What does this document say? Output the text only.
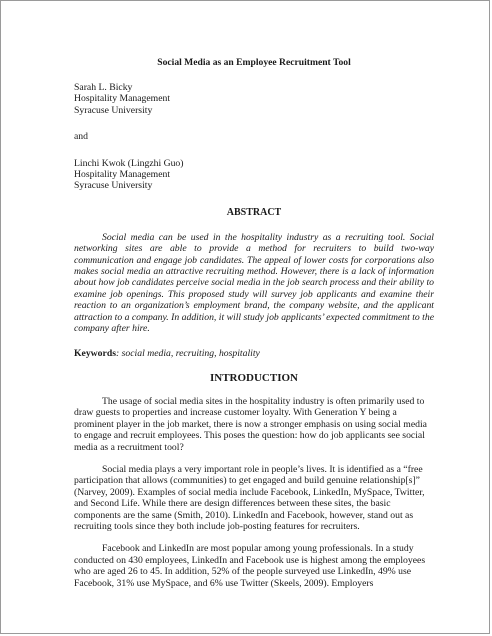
Social Media as an Employee Recruitment Tool
Sarah L. Bicky
Hospitality Management
Syracuse University
and
Linchi Kwok (Lingzhi Guo)
Hospitality Management
Syracuse University
ABSTRACT

Social media can be used in the hospitality industry as a recruiting tool. Social networking sites are able to provide a method for recruiters to build two-way communication and engage job candidates. The appeal of lower costs for corporations also makes social media an attractive recruiting method. However, there is a lack of information about how job candidates perceive social media in the job search process and their ability to examine job openings. This proposed study will survey job applicants and examine their reaction to an organization’s employment brand, the company website, and the applicant attraction to a company. In addition, it will study job applicants’ expected commitment to the company after hire.

Keywords: social media, recruiting, hospitality
INTRODUCTION

The usage of social media sites in the hospitality industry is often primarily used to draw guests to properties and increase customer loyalty. With Generation Y being a prominent player in the job market, there is now a stronger emphasis on using social media to engage and recruit employees. This poses the question: how do job applicants see social media as a recruitment tool?

Social media plays a very important role in people’s lives. It is identified as a “free participation that allows (communities) to get engaged and build genuine relationship[s]” (Narvey, 2009). Examples of social media include Facebook, LinkedIn, MySpace, Twitter, and Second Life. While there are design differences between these sites, the basic components are the same (Smith, 2010). LinkedIn and Facebook, however, stand out as recruiting tools since they both include job-posting features for recruiters.

Facebook and LinkedIn are most popular among young professionals. In a study conducted on 430 employees, LinkedIn and Facebook use is highest among the employees who are aged 26 to 45. In addition, 52% of the people surveyed use LinkedIn, 49% use Facebook, 31% use MySpace, and 6% use Twitter (Skeels, 2009). Employers
